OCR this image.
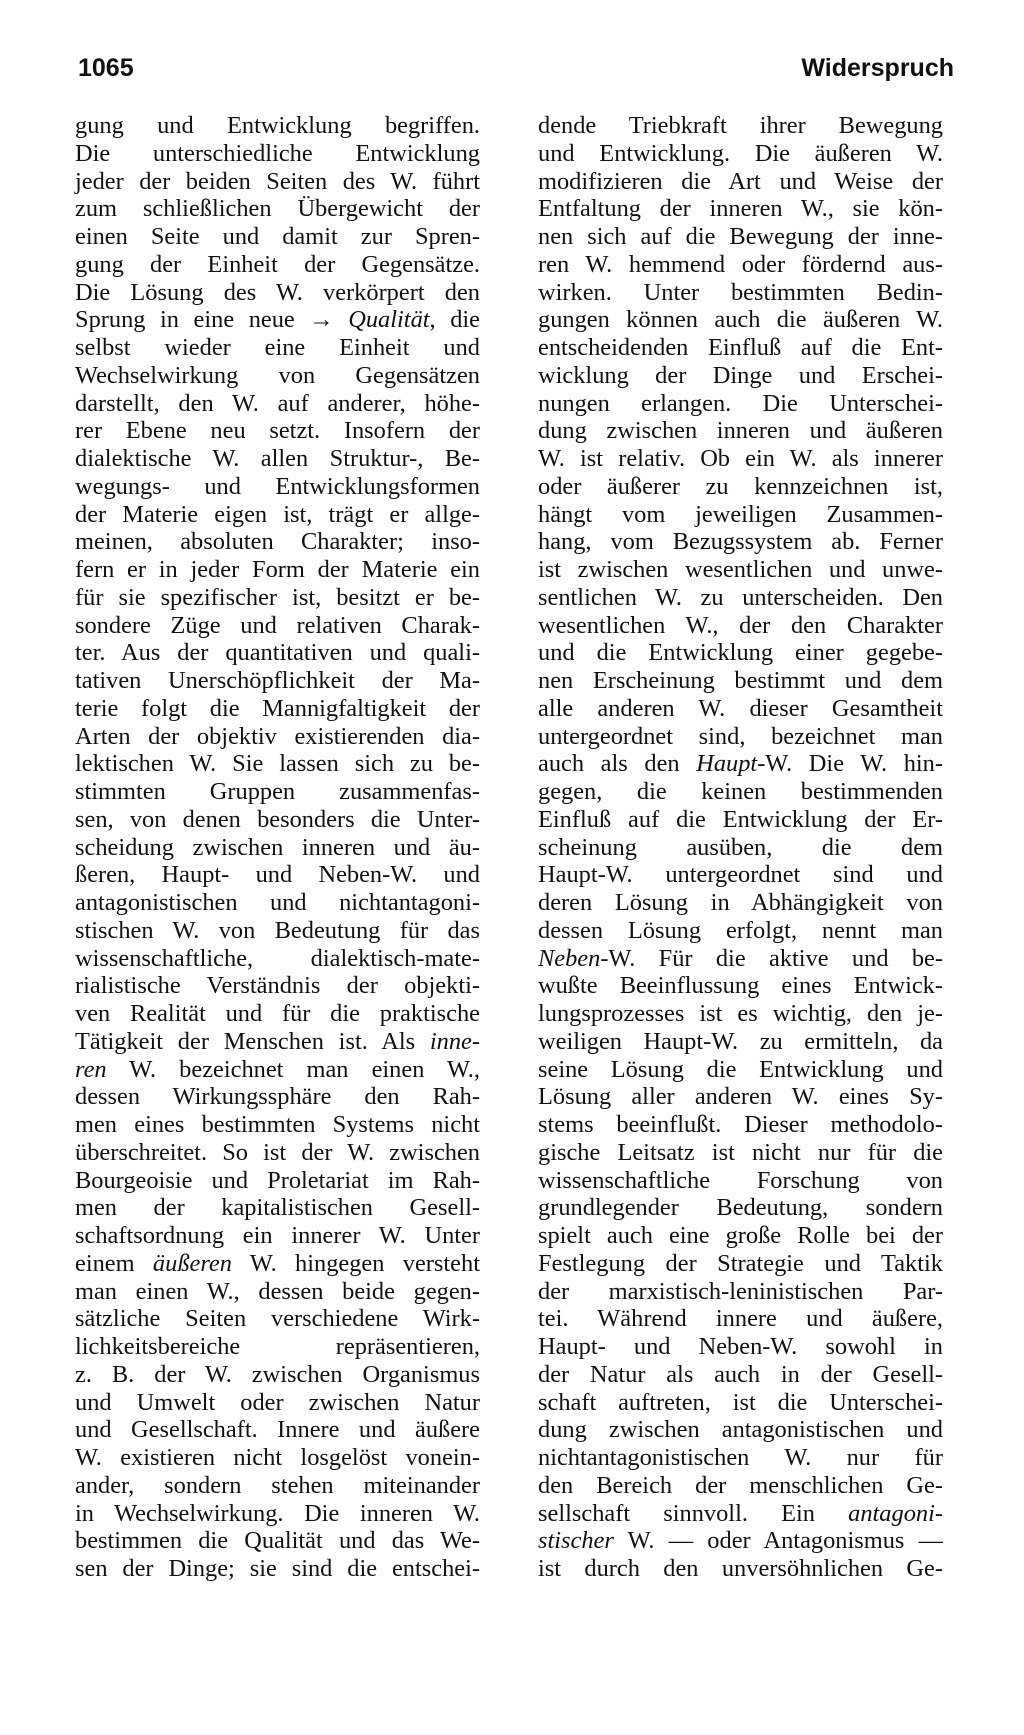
1065	Widerspruch
gung und Entwicklung begriffen.
Die unterschiedliche Entwicklung
jeder der beiden Seiten des W. führt
zum schließlichen Übergewicht der
einen Seite und damit zur Spren-
gung der Einheit der Gegensätze.
Die Lösung des W. verkörpert den
Sprung in eine neue → Qualität, die
selbst wieder eine Einheit und
Wechselwirkung von Gegensätzen
darstellt, den W. auf anderer, höhe-
rer Ebene neu setzt. Insofern der
dialektische W. allen Struktur-, Be-
wegungs- und Entwicklungsformen
der Materie eigen ist, trägt er allge-
meinen, absoluten Charakter; inso-
fern er in jeder Form der Materie ein
für sie spezifischer ist, besitzt er be-
sondere Züge und relativen Charak-
ter. Aus der quantitativen und quali-
tativen Unerschöpflichkeit der Ma-
terie folgt die Mannigfaltigkeit der
Arten der objektiv existierenden dia-
lektischen W. Sie lassen sich zu be-
stimmten Gruppen zusammenfas-
sen, von denen besonders die Unter-
scheidung zwischen inneren und äu-
ßeren, Haupt- und Neben-W. und
antagonistischen und nichtantagoni-
stischen W. von Bedeutung für das
wissenschaftliche, dialektisch-mate-
rialistische Verständnis der objekti-
ven Realität und für die praktische
Tätigkeit der Menschen ist. Als inne-
ren W. bezeichnet man einen W.,
dessen Wirkungssphäre den Rah-
men eines bestimmten Systems nicht
überschreitet. So ist der W. zwischen
Bourgeoisie und Proletariat im Rah-
men der kapitalistischen Gesell-
schaftsordnung ein innerer W. Unter
einem äußeren W. hingegen versteht
man einen W., dessen beide gegen-
sätzliche Seiten verschiedene Wirk-
lichkeitsbereiche repräsentieren,
z. B. der W. zwischen Organismus
und Umwelt oder zwischen Natur
und Gesellschaft. Innere und äußere
W. existieren nicht losgelöst vonein-
ander, sondern stehen miteinander
in Wechselwirkung. Die inneren W.
bestimmen die Qualität und das We-
sen der Dinge; sie sind die entschei-
dende Triebkraft ihrer Bewegung
und Entwicklung. Die äußeren W.
modifizieren die Art und Weise der
Entfaltung der inneren W., sie kön-
nen sich auf die Bewegung der inne-
ren W. hemmend oder fördernd aus-
wirken. Unter bestimmten Bedin-
gungen können auch die äußeren W.
entscheidenden Einfluß auf die Ent-
wicklung der Dinge und Erschei-
nungen erlangen. Die Unterschei-
dung zwischen inneren und äußeren
W. ist relativ. Ob ein W. als innerer
oder äußerer zu kennzeichnen ist,
hängt vom jeweiligen Zusammen-
hang, vom Bezugssystem ab. Ferner
ist zwischen wesentlichen und unwe-
sentlichen W. zu unterscheiden. Den
wesentlichen W., der den Charakter
und die Entwicklung einer gegebe-
nen Erscheinung bestimmt und dem
alle anderen W. dieser Gesamtheit
untergeordnet sind, bezeichnet man
auch als den Haupt-W. Die W. hin-
gegen, die keinen bestimmenden
Einfluß auf die Entwicklung der Er-
scheinung ausüben, die dem
Haupt-W. untergeordnet sind und
deren Lösung in Abhängigkeit von
dessen Lösung erfolgt, nennt man
Neben-W. Für die aktive und be-
wußte Beeinflussung eines Entwick-
lungsprozesses ist es wichtig, den je-
weiligen Haupt-W. zu ermitteln, da
seine Lösung die Entwicklung und
Lösung aller anderen W. eines Sy-
stems beeinflußt. Dieser methodolo-
gische Leitsatz ist nicht nur für die
wissenschaftliche Forschung von
grundlegender Bedeutung, sondern
spielt auch eine große Rolle bei der
Festlegung der Strategie und Taktik
der marxistisch-leninistischen Par-
tei. Während innere und äußere,
Haupt- und Neben-W. sowohl in
der Natur als auch in der Gesell-
schaft auftreten, ist die Unterschei-
dung zwischen antagonistischen und
nichtantagonistischen W. nur für
den Bereich der menschlichen Ge-
sellschaft sinnvoll. Ein antagoni-
stischer W. — oder Antagonismus —
ist durch den unversöhnlichen Ge-
